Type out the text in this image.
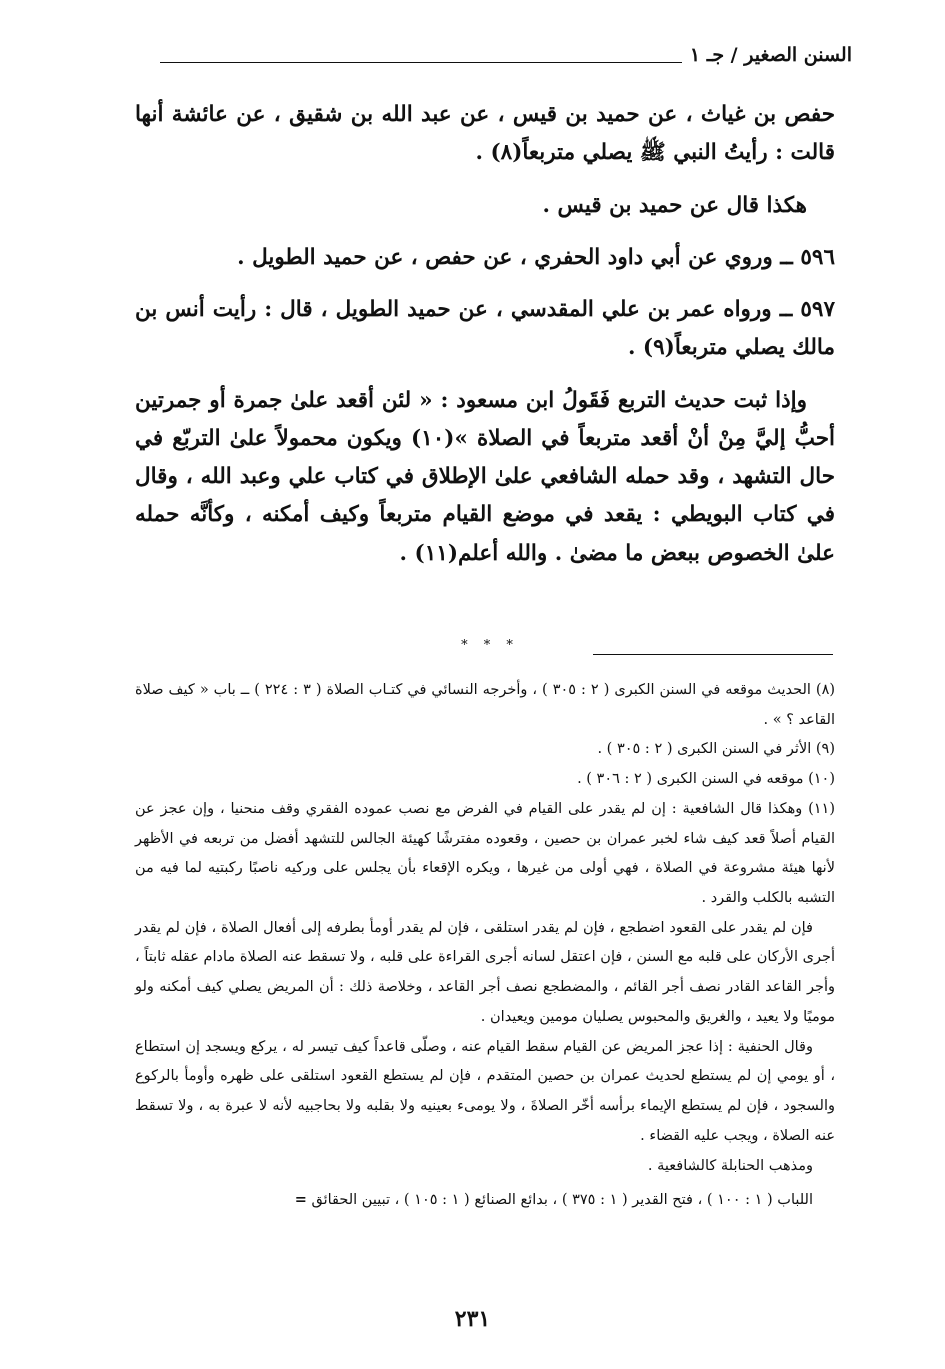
السنن الصغير / جـ ١

حفص بن غياث ، عن حميد بن قيس ، عن عبد الله بن شقيق ، عن عائشة أنها قالت : رأيتُ النبي ﷺ يصلي متربعاً(٨) .

هكذا قال عن حميد بن قيس .

٥٩٦ ــ وروي عن أبي داود الحفري ، عن حفص ، عن حميد الطويل .

٥٩٧ ــ ورواه عمر بن علي المقدسي ، عن حميد الطويل ، قال : رأيت أنس بن مالك يصلي متربعاً(٩) .

وإذا ثبت حديث التربع فَقَولُ ابن مسعود : « لئن أقعد علىٰ جمرة أو جمرتين أحبُّ إليَّ مِنْ أنْ أقعد متربعاً في الصلاة »(١٠) ويكون محمولاً علىٰ التربّع في حال التشهد ، وقد حمله الشافعي علىٰ الإطلاق في كتاب علي وعبد الله ، وقال في كتاب البويطي : يقعد في موضع القيام متربعاً وكيف أمكنه ، وكأنَّه حمله علىٰ الخصوص ببعض ما مضىٰ . والله أعلم(١١) .

* * *

(٨) الحديث موقعه في السنن الكبرى ( ٢ : ٣٠٥ ) ، وأخرجه النسائي في كتـاب الصلاة ( ٣ : ٢٢٤ ) ــ باب « كيف صلاة القاعد ؟ » .

(٩) الأثر في السنن الكبرى ( ٢ : ٣٠٥ ) .

(١٠) موقعه في السنن الكبرى ( ٢ : ٣٠٦ ) .

(١١) وهكذا قال الشافعية : إن لم يقدر على القيام في الفرض مع نصب عموده الفقري وقف منحنيا ، وإن عجز عن القيام أصلاً قعد كيف شاء لخبر عمران بن حصين ، وقعوده مفترشًا كهيئة الجالس للتشهد أفضل من تربعه في الأظهر لأنها هيئة مشروعة في الصلاة ، فهي أولى من غيرها ، ويكره الإقعاء بأن يجلس على وركيه ناصبًا ركبتيه لما فيه من التشبه بالكلب والقرد .

فإن لم يقدر على القعود اضطجع ، فإن لم يقدر استلقى ، فإن لم يقدر أومأ بطرفه إلى أفعال الصلاة ، فإن لم يقدر أجرى الأركان على قلبه مع السنن ، فإن اعتقل لسانه أجرى القراءة على قلبه ، ولا تسقط عنه الصلاة مادام عقله ثابتاً ، وأجر القاعد القادر نصف أجر القائم ، والمضطجع نصف أجر القاعد ، وخلاصة ذلك : أن المريض يصلي كيف أمكنه ولو موميًا ولا يعيد ، والغريق والمحبوس يصليان مومين ويعيدان .

وقال الحنفية : إذا عجز المريض عن القيام سقط القيام عنه ، وصلّى قاعداً كيف تيسر له ، يركع ويسجد إن استطاع ، أو يومي إن لم يستطع لحديث عمران بن حصين المتقدم ، فإن لم يستطع القعود استلقى على ظهره وأومأ بالركوع والسجود ، فإن لم يستطع الإيماء برأسه أخّر الصلاةَ ، ولا يومىء بعينيه ولا بقلبه ولا بحاجبيه لأنه لا عبرة به ، ولا تسقط عنه الصلاة ، ويجب عليه القضاء .

ومذهب الحنابلة كالشافعية .

اللباب ( ١ : ١٠٠ ) ، فتح القدير ( ١ : ٣٧٥ ) ، بدائع الصنائع ( ١ : ١٠٥ ) ، تبيين الحقائق =

٢٣١
